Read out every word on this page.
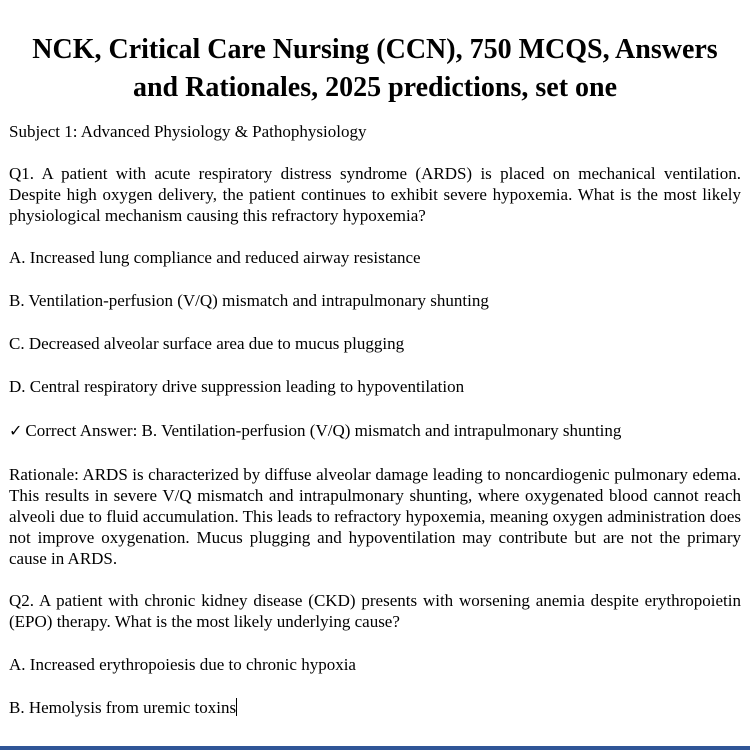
NCK, Critical Care Nursing (CCN), 750 MCQS, Answers and Rationales, 2025 predictions, set one

Subject 1: Advanced Physiology & Pathophysiology

Q1. A patient with acute respiratory distress syndrome (ARDS) is placed on mechanical ventilation. Despite high oxygen delivery, the patient continues to exhibit severe hypoxemia. What is the most likely physiological mechanism causing this refractory hypoxemia?

A. Increased lung compliance and reduced airway resistance

B. Ventilation-perfusion (V/Q) mismatch and intrapulmonary shunting

C. Decreased alveolar surface area due to mucus plugging

D. Central respiratory drive suppression leading to hypoventilation

✓ Correct Answer: B. Ventilation-perfusion (V/Q) mismatch and intrapulmonary shunting

Rationale: ARDS is characterized by diffuse alveolar damage leading to noncardiogenic pulmonary edema. This results in severe V/Q mismatch and intrapulmonary shunting, where oxygenated blood cannot reach alveoli due to fluid accumulation. This leads to refractory hypoxemia, meaning oxygen administration does not improve oxygenation. Mucus plugging and hypoventilation may contribute but are not the primary cause in ARDS.

Q2. A patient with chronic kidney disease (CKD) presents with worsening anemia despite erythropoietin (EPO) therapy. What is the most likely underlying cause?

A. Increased erythropoiesis due to chronic hypoxia

B. Hemolysis from uremic toxins
